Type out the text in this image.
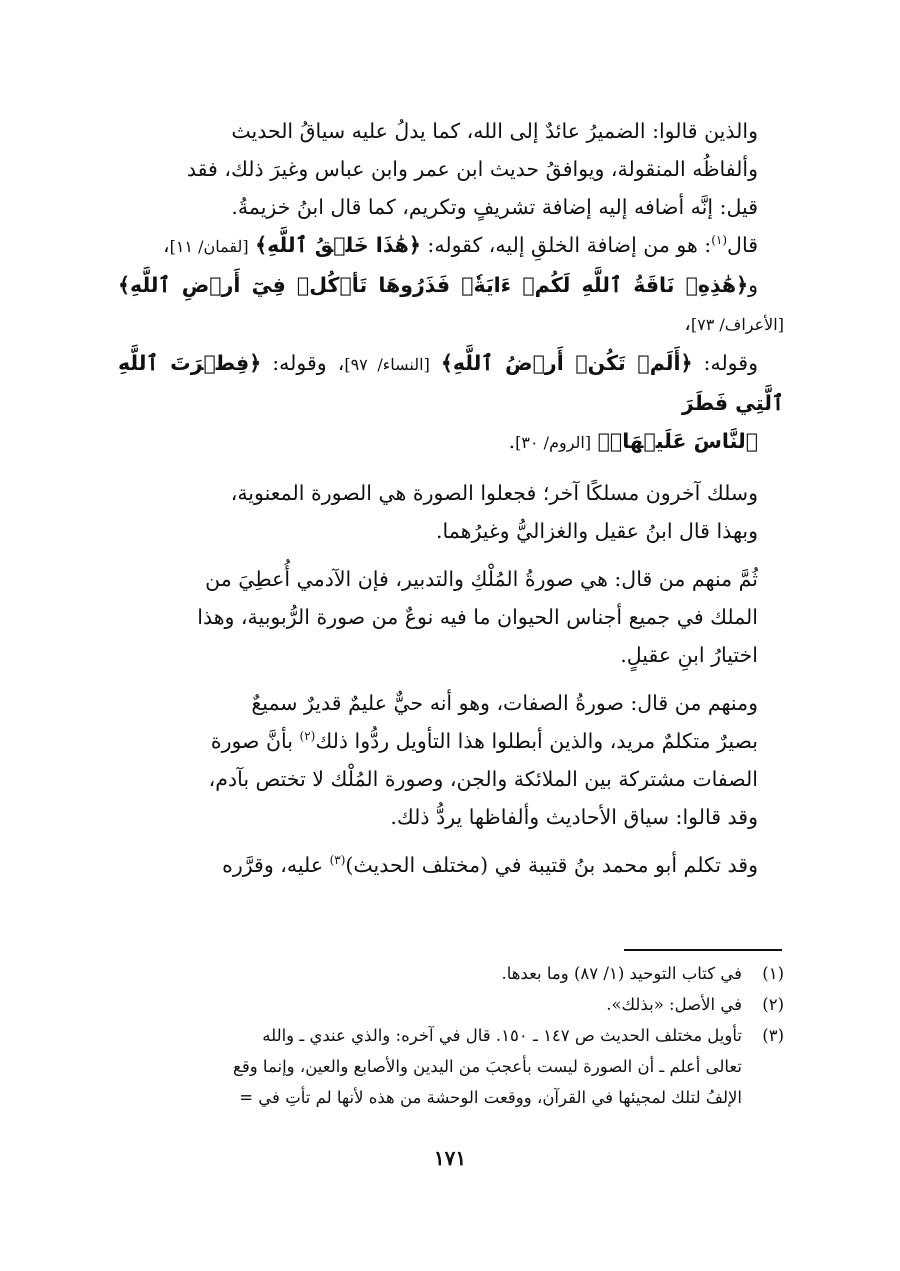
والذين قالوا: الضميرُ عائدٌ إلى الله، كما يدلُ عليه سياقُ الحديث
وألفاظُه المنقولة، ويوافقُ حديث ابن عمر وابن عباس وغيرَ ذلك، فقد
قيل: إنَّه أضافه إليه إضافة تشريفٍ وتكريم، كما قال ابنُ خزيمةُ.
قال$^{(١)}$: هو من إضافة الخلقِ إليه، كقوله: ﴿هَٰذَا خَلۡقُ ٱللَّهِ﴾ [لقمان/ ١١]،
و﴿هَٰذِهِۦ نَاقَةُ ٱللَّهِ لَكُمۡ ءَايَةٗۖ فَذَرُوهَا تَأۡكُلۡ فِيٓ أَرۡضِ ٱللَّهِ﴾ [الأعراف/ ٧٣]،
وقوله: ﴿أَلَمۡ تَكُنۡ أَرۡضُ ٱللَّهِ﴾ [النساء/ ٩٧]، وقوله: ﴿فِطۡرَتَ ٱللَّهِ ٱلَّتِي فَطَرَ
ٱلنَّاسَ عَلَيۡهَاۚ﴾ [الروم/ ٣٠].

وسلك آخرون مسلكًا آخر؛ فجعلوا الصورة هي الصورة المعنوية،
وبهذا قال ابنُ عقيل والغزاليُّ وغيرُهما.

ثُمَّ منهم من قال: هي صورةُ المُلْكِ والتدبير، فإن الآدمي أُعطِيَ من
الملك في جميع أجناس الحيوان ما فيه نوعٌ من صورة الرُّبوبية، وهذا
اختيارُ ابنِ عقيلٍ.

ومنهم من قال: صورةُ الصفات، وهو أنه حيٌّ عليمٌ قديرٌ سميعٌ
بصيرٌ متكلمٌ مريد، والذين أبطلوا هذا التأويل ردُّوا ذلك$^{(٢)}$ بأنَّ صورة
الصفات مشتركة بين الملائكة والجن، وصورة المُلْك لا تختص بآدم،
وقد قالوا: سياق الأحاديث وألفاظها يردُّ ذلك.

وقد تكلم أبو محمد بنُ قتيبة في (مختلف الحديث)$^{(٣)}$ عليه، وقرَّره

(١)
في كتاب التوحيد (١/ ٨٧) وما بعدها.
(٢)
في الأصل: «بذلك».
(٣)
تأويل مختلف الحديث ص ١٤٧ ـ ١٥٠. قال في آخره: والذي عندي ـ والله
تعالى أعلم ـ أن الصورة ليست بأعجبَ من اليدين والأصابع والعين، وإنما وقع
الإلفُ لتلك لمجيئها في القرآن، ووقعت الوحشة من هذه لأنها لم تأتِ في =
١٧١
